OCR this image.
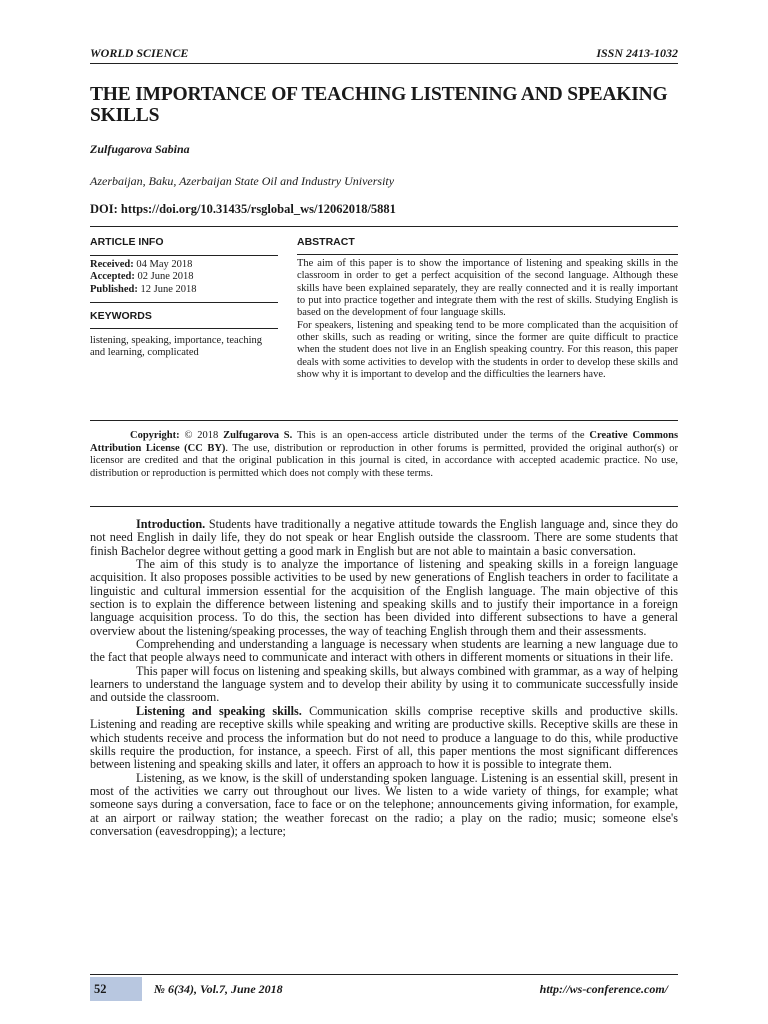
WORLD SCIENCE	ISSN 2413-1032
THE IMPORTANCE OF TEACHING LISTENING AND SPEAKING SKILLS
Zulfugarova Sabina
Azerbaijan, Baku, Azerbaijan State Oil and Industry University
DOI: https://doi.org/10.31435/rsglobal_ws/12062018/5881
ARTICLE INFO
Received: 04 May 2018
Accepted: 02 June 2018
Published: 12 June 2018
KEYWORDS
listening, speaking, importance, teaching and learning, complicated
ABSTRACT

The aim of this paper is to show the importance of listening and speaking skills in the classroom in order to get a perfect acquisition of the second language. Although these skills have been explained separately, they are really connected and it is really important to put into practice together and integrate them with the rest of skills. Studying English is based on the development of four language skills.

For speakers, listening and speaking tend to be more complicated than the acquisition of other skills, such as reading or writing, since the former are quite difficult to practice when the student does not live in an English speaking country. For this reason, this paper deals with some activities to develop with the students in order to develop these skills and show why it is important to develop and the difficulties the learners have.

Copyright: © 2018 Zulfugarova S. This is an open-access article distributed under the terms of the Creative Commons Attribution License (CC BY). The use, distribution or reproduction in other forums is permitted, provided the original author(s) or licensor are credited and that the original publication in this journal is cited, in accordance with accepted academic practice. No use, distribution or reproduction is permitted which does not comply with these terms.

Introduction. Students have traditionally a negative attitude towards the English language and, since they do not need English in daily life, they do not speak or hear English outside the classroom. There are some students that finish Bachelor degree without getting a good mark in English but are not able to maintain a basic conversation.

The aim of this study is to analyze the importance of listening and speaking skills in a foreign language acquisition. It also proposes possible activities to be used by new generations of English teachers in order to facilitate a linguistic and cultural immersion essential for the acquisition of the English language. The main objective of this section is to explain the difference between listening and speaking skills and to justify their importance in a foreign language acquisition process. To do this, the section has been divided into different subsections to have a general overview about the listening/speaking processes, the way of teaching English through them and their assessments.

Comprehending and understanding a language is necessary when students are learning a new language due to the fact that people always need to communicate and interact with others in different moments or situations in their life.

This paper will focus on listening and speaking skills, but always combined with grammar, as a way of helping learners to understand the language system and to develop their ability by using it to communicate successfully inside and outside the classroom.

Listening and speaking skills. Communication skills comprise receptive skills and productive skills. Listening and reading are receptive skills while speaking and writing are productive skills. Receptive skills are these in which students receive and process the information but do not need to produce a language to do this, while productive skills require the production, for instance, a speech. First of all, this paper mentions the most significant differences between listening and speaking skills and later, it offers an approach to how it is possible to integrate them.

Listening, as we know, is the skill of understanding spoken language. Listening is an essential skill, present in most of the activities we carry out throughout our lives. We listen to a wide variety of things, for example; what someone says during a conversation, face to face or on the telephone; announcements giving information, for example, at an airport or railway station; the weather forecast on the radio; a play on the radio; music; someone else's conversation (eavesdropping); a lecture;

52	№ 6(34), Vol.7, June 2018	http://ws-conference.com/
